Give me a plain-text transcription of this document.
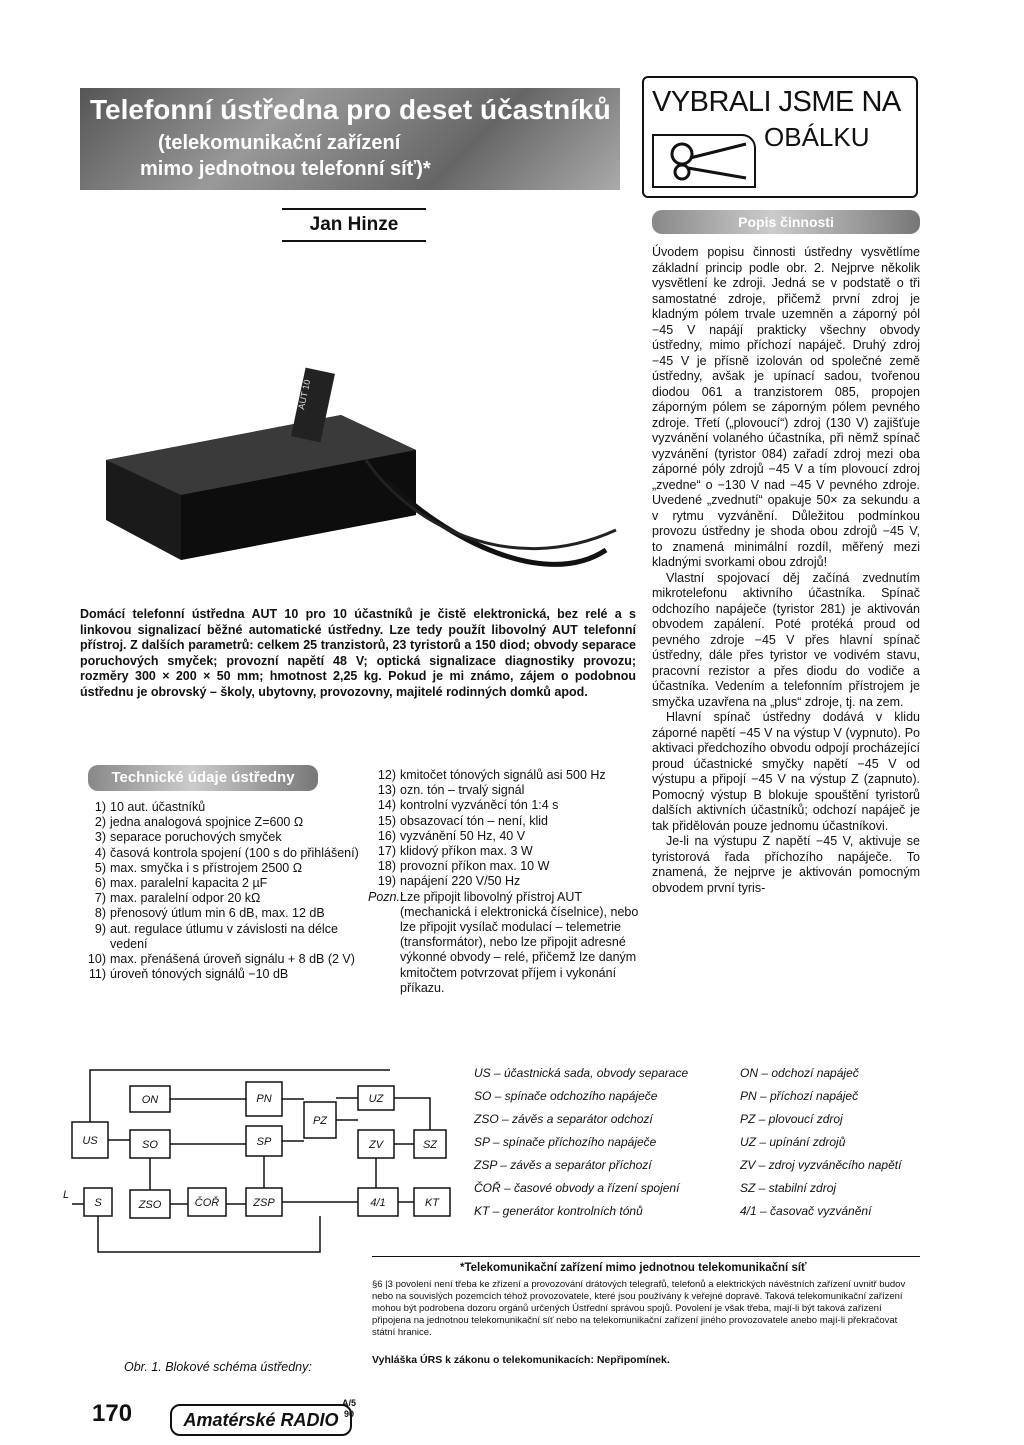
Telefonní ústředna pro deset účastníků
(telekomunikační zařízení
mimo jednotnou telefonní síť)*
VYBRALI JSME NA
OBÁLKU
Jan Hinze
AUT 10
Domácí telefonní ústředna AUT 10 pro 10 účastníků je čistě elektronická, bez relé a s linkovou signalizací běžné automatické ústředny. Lze tedy použít libovolný AUT telefonní přístroj. Z dalších parametrů: celkem 25 tranzistorů, 23 tyristorů a 150 diod; obvody separace poruchových smyček; provozní napětí 48 V; optická signalizace diagnostiky provozu; rozměry 300 × 200 × 50 mm; hmotnost 2,25 kg. Pokud je mi známo, zájem o podobnou ústřednu je obrovský – školy, ubytovny, provozovny, majitelé rodinných domků apod.
Technické údaje ústředny
1) 10 aut. účastníků
2) jedna analogová spojnice Z=600 Ω
3) separace poruchových smyček
4) časová kontrola spojení (100 s do přihlášení)
5) max. smyčka i s přístrojem 2500 Ω
6) max. paralelní kapacita 2 µF
7) max. paralelní odpor 20 kΩ
8) přenosový útlum min 6 dB, max. 12 dB
9) aut. regulace útlumu v závislosti na délce vedení
10) max. přenášená úroveň signálu + 8 dB (2 V)
11) úroveň tónových signálů −10 dB
12) kmitočet tónových signálů asi 500 Hz
13) ozn. tón – trvalý signál
14) kontrolní vyzváněcí tón 1:4 s
15) obsazovací tón – není, klid
16) vyzvánění 50 Hz, 40 V
17) klidový příkon max. 3 W
18) provozní příkon max. 10 W
19) napájení 220 V/50 Hz
Pozn.:
Lze připojit libovolný přístroj AUT (mechanická i elektronická číselnice), nebo lze připojit vysílač modulací – telemetrie (transformátor), nebo lze připojit adresné výkonné obvody – relé, přičemž lze daným kmitočtem potvrzovat příjem i vykonání příkazu.
Popis činnosti

Úvodem popisu činnosti ústředny vysvětlíme základní princip podle obr. 2. Nejprve několik vysvětlení ke zdroji. Jedná se v podstatě o tři samostatné zdroje, přičemž první zdroj je kladným pólem trvale uzemněn a záporný pól −45 V napájí prakticky všechny obvody ústředny, mimo příchozí napáječ. Druhý zdroj −45 V je přísně izolován od společné země ústředny, avšak je upínací sadou, tvořenou diodou 061 a tranzistorem 085, propojen záporným pólem se záporným pólem pevného zdroje. Třetí („plovoucí“) zdroj (130 V) zajišťuje vyzvánění volaného účastníka, při němž spínač vyzvánění (tyristor 084) zařadí zdroj mezi oba záporné póly zdrojů −45 V a tím plovoucí zdroj „zvedne“ o −130 V nad −45 V pevného zdroje. Uvedené „zvednutí“ opakuje 50× za sekundu a v rytmu vyzvánění. Důležitou podmínkou provozu ústředny je shoda obou zdrojů −45 V, to znamená minimální rozdíl, měřený mezi kladnými svorkami obou zdrojů!

Vlastní spojovací děj začíná zvednutím mikrotelefonu aktivního účastníka. Spínač odchozího napáječe (tyristor 281) je aktivován obvodem zapálení. Poté protéká proud od pevného zdroje −45 V přes hlavní spínač ústředny, dále přes tyristor ve vodivém stavu, pracovní rezistor a přes diodu do vodiče a účastníka. Vedením a telefonním přístrojem je smyčka uzavřena na „plus“ zdroje, tj. na zem.

Hlavní spínač ústředny dodává v klidu záporné napětí −45 V na výstup V (vypnuto). Po aktivaci předchozího obvodu odpojí procházející proud účastnické smyčky napětí −45 V od výstupu a připojí −45 V na výstup Z (zapnuto). Pomocný výstup B blokuje spouštění tyristorů dalších aktivních účastníků; odchozí napáječ je tak přidělován pouze jednomu účastníkovi.

Je-li na výstupu Z napětí −45 V, aktivuje se tyristorová řada příchozího napáječe. To znamená, že nejprve je aktivován pomocným obvodem první tyris-

US
ON
SO
ZSO
PN
SP
ZSP
PZ
UZ
ZV	SZ
S	ČOŘ	4/1	KT
L
Obr. 1. Blokové schéma ústředny:
US – účastnická sada, obvody separace
SO – spínače odchozího napáječe
ZSO – závěs a separátor odchozí
SP – spínače příchozího napáječe
ZSP – závěs a separátor příchozí
ČOŘ – časové obvody a řízení spojení
KT – generátor kontrolních tónů
ON – odchozí napáječ
PN – příchozí napáječ
PZ – plovoucí zdroj
UZ – upínání zdrojů
ZV – zdroj vyzváněcího napětí
SZ – stabilní zdroj
4/1 – časovač vyzvánění
*Telekomunikační zařízení mimo jednotnou telekomunikační síť
§6 |3 povolení není třeba ke zřízení a provozování drátových telegrafů, telefonů a elektrických návěstních zařízení uvnitř budov nebo na souvislých pozemcích téhož provozovatele, které jsou používány k veřejné dopravě. Taková telekomunikační zařízení mohou být podrobena dozoru orgánů určených Ústřední správou spojů. Povolení je však třeba, mají-li být taková zařízení připojena na jednotnou telekomunikační síť nebo na telekomunikační zařízení jiného provozovatele anebo mají-li překračovat státní hranice.
Vyhláška ÚRS k zákonu o telekomunikacích: Nepřipomínek.
170	Amatérské RADIO
A/5
90
